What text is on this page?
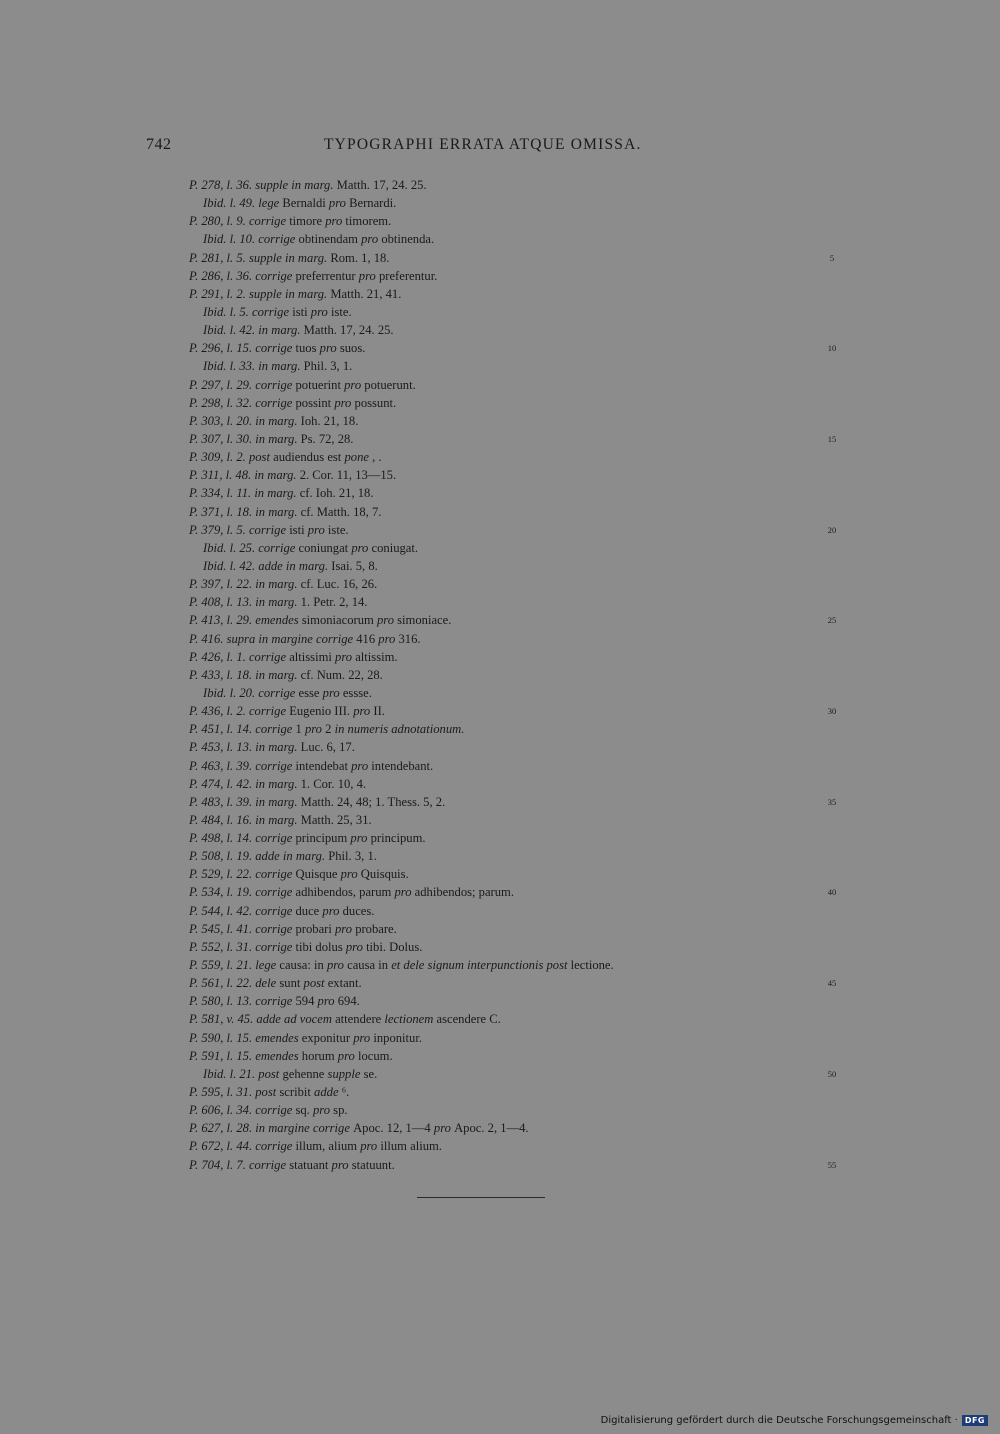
742	TYPOGRAPHI ERRATA ATQUE OMISSA.
P. 278, l. 36. supple in marg. Matth. 17, 24. 25.
Ibid. l. 49. lege Bernaldi pro Bernardi.
P. 280, l. 9. corrige timore pro timorem.
Ibid. l. 10. corrige obtinendam pro obtinenda.
P. 281, l. 5. supple in marg. Rom. 1, 18.	5
P. 286, l. 36. corrige preferrentur pro preferentur.
P. 291, l. 2. supple in marg. Matth. 21, 41.
Ibid. l. 5. corrige isti pro iste.
Ibid. l. 42. in marg. Matth. 17, 24. 25.
P. 296, l. 15. corrige tuos pro suos.	10
Ibid. l. 33. in marg. Phil. 3, 1.
P. 297, l. 29. corrige potuerint pro potuerunt.
P. 298, l. 32. corrige possint pro possunt.
P. 303, l. 20. in marg. Ioh. 21, 18.
P. 307, l. 30. in marg. Ps. 72, 28.	15
P. 309, l. 2. post audiendus est pone , .
P. 311, l. 48. in marg. 2. Cor. 11, 13—15.
P. 334, l. 11. in marg. cf. Ioh. 21, 18.
P. 371, l. 18. in marg. cf. Matth. 18, 7.
P. 379, l. 5. corrige isti pro iste.	20
Ibid. l. 25. corrige coniungat pro coniugat.
Ibid. l. 42. adde in marg. Isai. 5, 8.
P. 397, l. 22. in marg. cf. Luc. 16, 26.
P. 408, l. 13. in marg. 1. Petr. 2, 14.
P. 413, l. 29. emendes simoniacorum pro simoniace.	25
P. 416. supra in margine corrige 416 pro 316.
P. 426, l. 1. corrige altissimi pro altissim.
P. 433, l. 18. in marg. cf. Num. 22, 28.
Ibid. l. 20. corrige esse pro essse.
P. 436, l. 2. corrige Eugenio III. pro II.	30
P. 451, l. 14. corrige 1 pro 2 in numeris adnotationum.
P. 453, l. 13. in marg. Luc. 6, 17.
P. 463, l. 39. corrige intendebat pro intendebant.
P. 474, l. 42. in marg. 1. Cor. 10, 4.
P. 483, l. 39. in marg. Matth. 24, 48; 1. Thess. 5, 2.	35
P. 484, l. 16. in marg. Matth. 25, 31.
P. 498, l. 14. corrige principum pro principum.
P. 508, l. 19. adde in marg. Phil. 3, 1.
P. 529, l. 22. corrige Quisque pro Quisquis.
P. 534, l. 19. corrige adhibendos, parum pro adhibendos; parum.	40
P. 544, l. 42. corrige duce pro duces.
P. 545, l. 41. corrige probari pro probare.
P. 552, l. 31. corrige tibi dolus pro tibi. Dolus.
P. 559, l. 21. lege causa: in pro causa in et dele signum interpunctionis post lectione.
P. 561, l. 22. dele sunt post extant.	45
P. 580, l. 13. corrige 594 pro 694.
P. 581, v. 45. adde ad vocem attendere lectionem ascendere C.
P. 590, l. 15. emendes exponitur pro inponitur.
P. 591, l. 15. emendes horum pro locum.
Ibid. l. 21. post gehenne supple se.	50
P. 595, l. 31. post scribit adde ⁶.
P. 606, l. 34. corrige sq. pro sp.
P. 627, l. 28. in margine corrige Apoc. 12, 1—4 pro Apoc. 2, 1—4.
P. 672, l. 44. corrige illum, alium pro illum alium.
P. 704, l. 7. corrige statuant pro statuunt.	55
Digitalisierung gefördert durch die Deutsche Forschungsgemeinschaft · DFG
